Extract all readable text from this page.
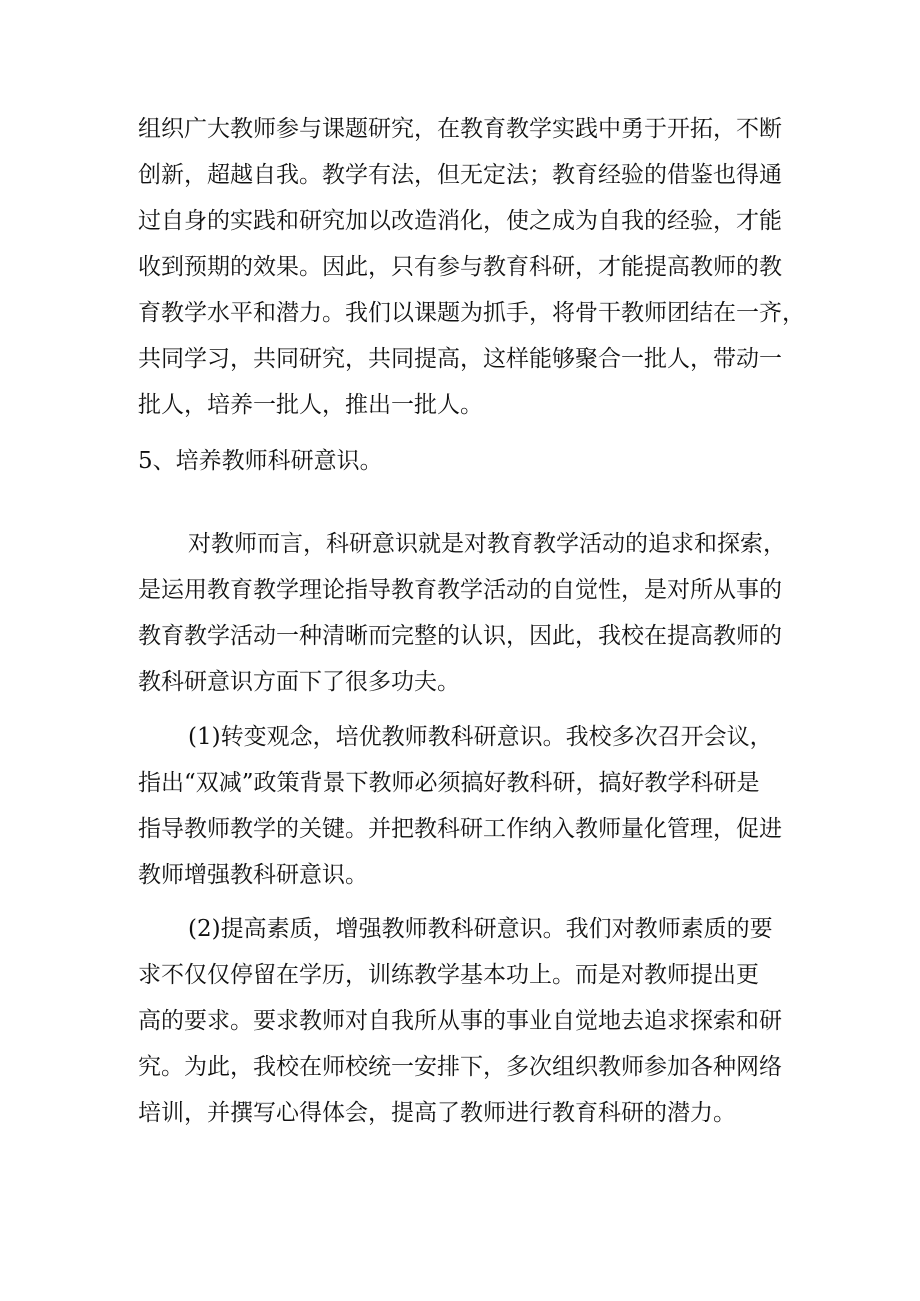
组织广大教师参与课题研究，在教育教学实践中勇于开拓，不断
创新，超越自我。教学有法，但无定法；教育经验的借鉴也得通
过自身的实践和研究加以改造消化，使之成为自我的经验，才能
收到预期的效果。因此，只有参与教育科研，才能提高教师的教
育教学水平和潜力。我们以课题为抓手，将骨干教师团结在一齐，
共同学习，共同研究，共同提高，这样能够聚合一批人，带动一
批人，培养一批人，推出一批人。
5、培养教师科研意识。
对教师而言，科研意识就是对教育教学活动的追求和探索，
是运用教育教学理论指导教育教学活动的自觉性，是对所从事的
教育教学活动一种清晰而完整的认识，因此，我校在提高教师的
教科研意识方面下了很多功夫。
(1)转变观念，培优教师教科研意识。我校多次召开会议，
指出“双减”政策背景下教师必须搞好教科研，搞好教学科研是
指导教师教学的关键。并把教科研工作纳入教师量化管理，促进
教师增强教科研意识。
(2)提高素质，增强教师教科研意识。我们对教师素质的要
求不仅仅停留在学历，训练教学基本功上。而是对教师提出更
高的要求。要求教师对自我所从事的事业自觉地去追求探索和研
究。为此，我校在师校统一安排下，多次组织教师参加各种网络
培训，并撰写心得体会，提高了教师进行教育科研的潜力。
